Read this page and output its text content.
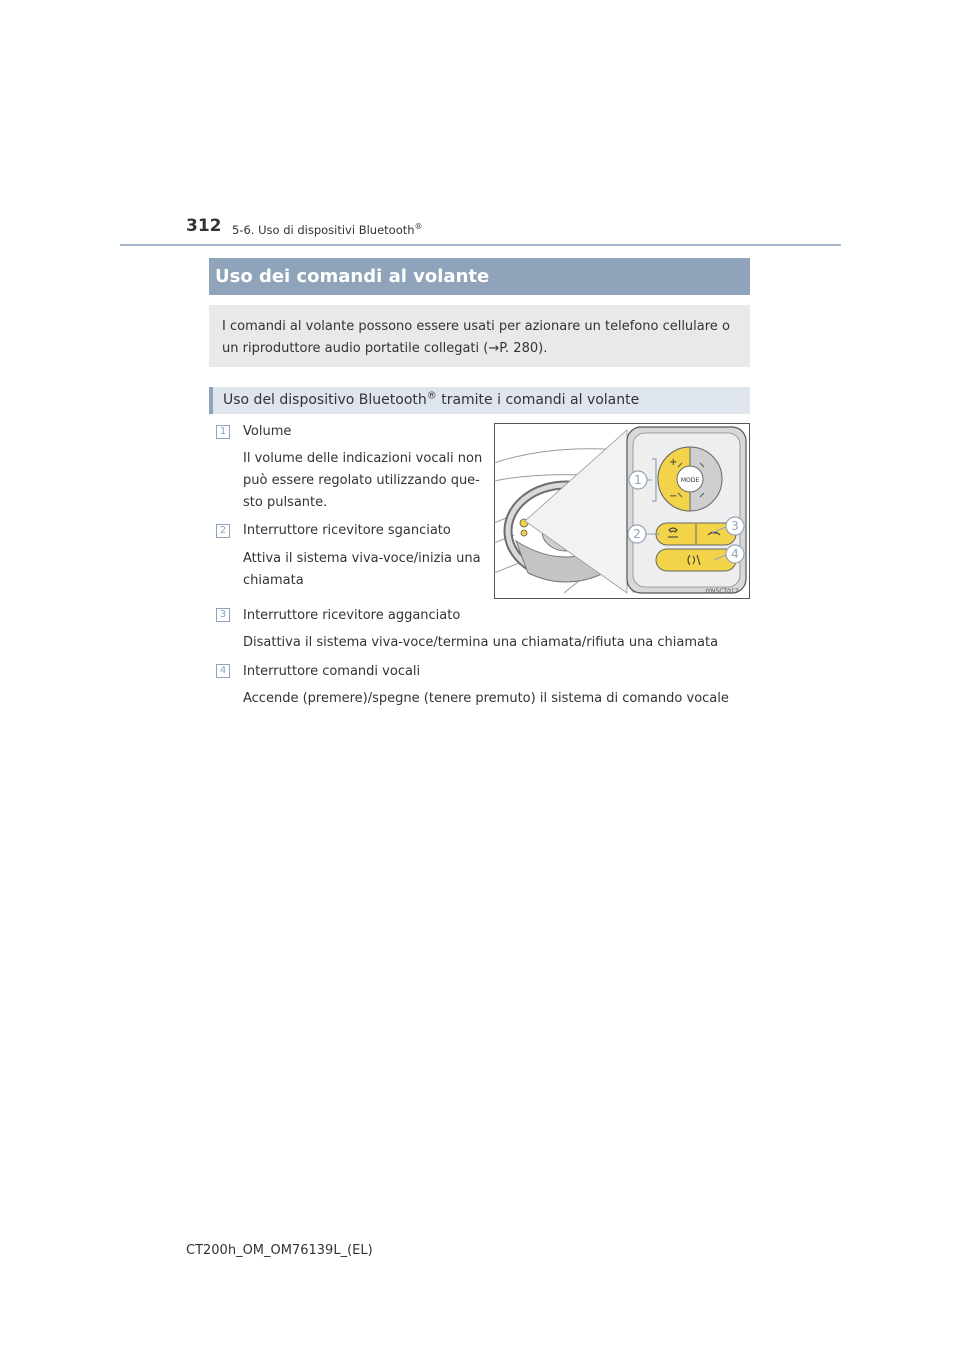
312 5-6. Uso di dispositivi Bluetooth®
Uso dei comandi al volante
I comandi al volante possono essere usati per azionare un telefono cellulare o
un riproduttore audio portatile collegati (→P. 280).
Uso del dispositivo Bluetooth® tramite i comandi al volante
1 Volume
Il volume delle indicazioni vocali non
può essere regolato utilizzando que-
sto pulsante.
2 Interruttore ricevitore sganciato
Attiva il sistema viva-voce/inizia una
chiamata
3 Interruttore ricevitore agganciato
Disattiva il sistema viva-voce/termina una chiamata/rifiuta una chiamata
4 Interruttore comandi vocali
Accende (premere)/spegne (tenere premuto) il sistema di comando vocale
MODE
+
−
1
2
3
4
IYN5CT017
CT200h_OM_OM76139L_(EL)
